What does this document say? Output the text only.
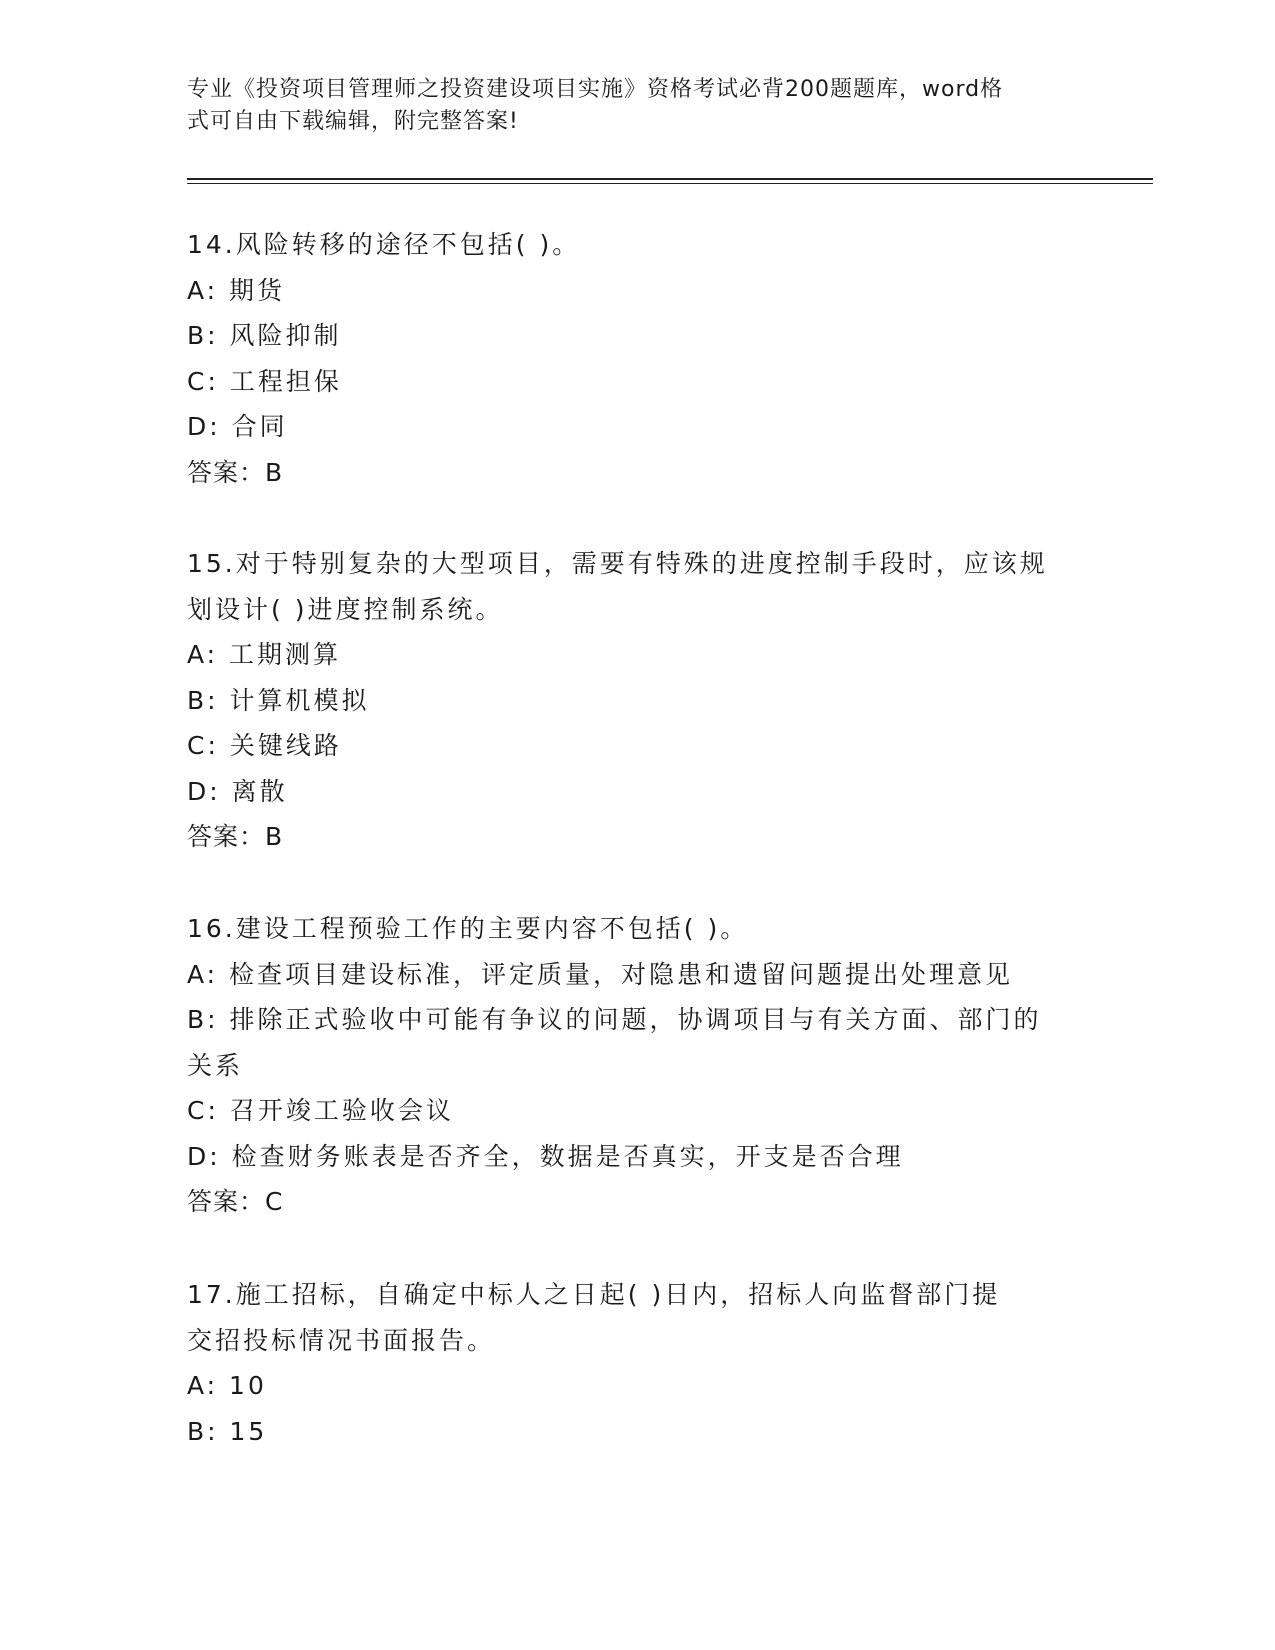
专业《投资项目管理师之投资建设项目实施》资格考试必背200题题库，word格
式可自由下载编辑，附完整答案!
14.风险转移的途径不包括( )。
A: 期货
B: 风险抑制
C: 工程担保
D: 合同
答案：B
15.对于特别复杂的大型项目，需要有特殊的进度控制手段时，应该规
划设计( )进度控制系统。
A: 工期测算
B: 计算机模拟
C: 关键线路
D: 离散
答案：B
16.建设工程预验工作的主要内容不包括( )。
A: 检查项目建设标准，评定质量，对隐患和遗留问题提出处理意见
B: 排除正式验收中可能有争议的问题，协调项目与有关方面、部门的
关系
C: 召开竣工验收会议
D: 检查财务账表是否齐全，数据是否真实，开支是否合理
答案：C
17.施工招标，自确定中标人之日起( )日内，招标人向监督部门提
交招投标情况书面报告。
A: 10
B: 15
